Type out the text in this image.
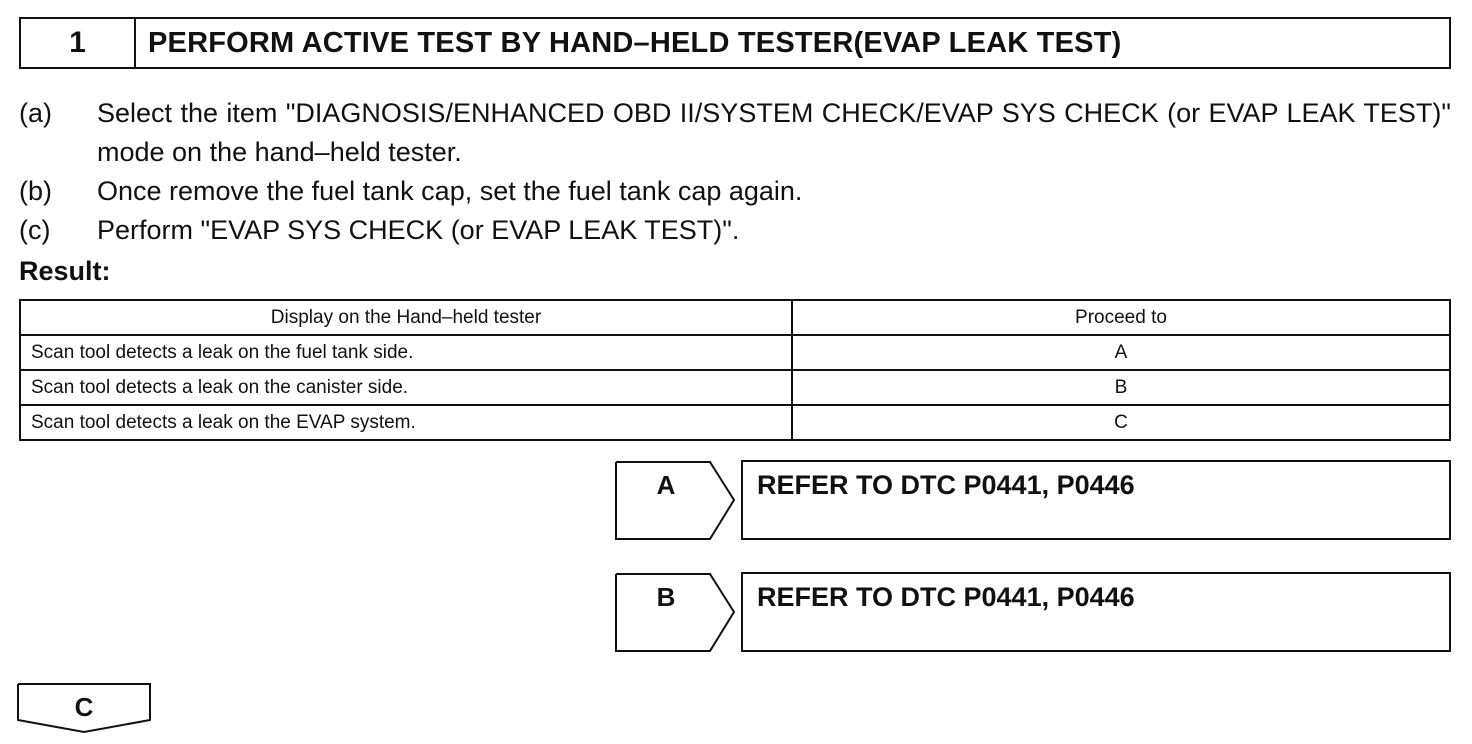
1	PERFORM ACTIVE TEST BY HAND–HELD TESTER(EVAP LEAK TEST)
(a)	Select the item "DIAGNOSIS/ENHANCED OBD II/SYSTEM CHECK/EVAP SYS CHECK (or EVAP LEAK TEST)" mode on the hand–held tester.
(b)	Once remove the fuel tank cap, set the fuel tank cap again.
(c)	Perform "EVAP SYS CHECK (or EVAP LEAK TEST)".
Result:
Display on the Hand–held tester	Proceed to
Scan tool detects a leak on the fuel tank side.	A
Scan tool detects a leak on the canister side.	B
Scan tool detects a leak on the EVAP system.	C
A	REFER TO DTC P0441, P0446
B	REFER TO DTC P0441, P0446
C
